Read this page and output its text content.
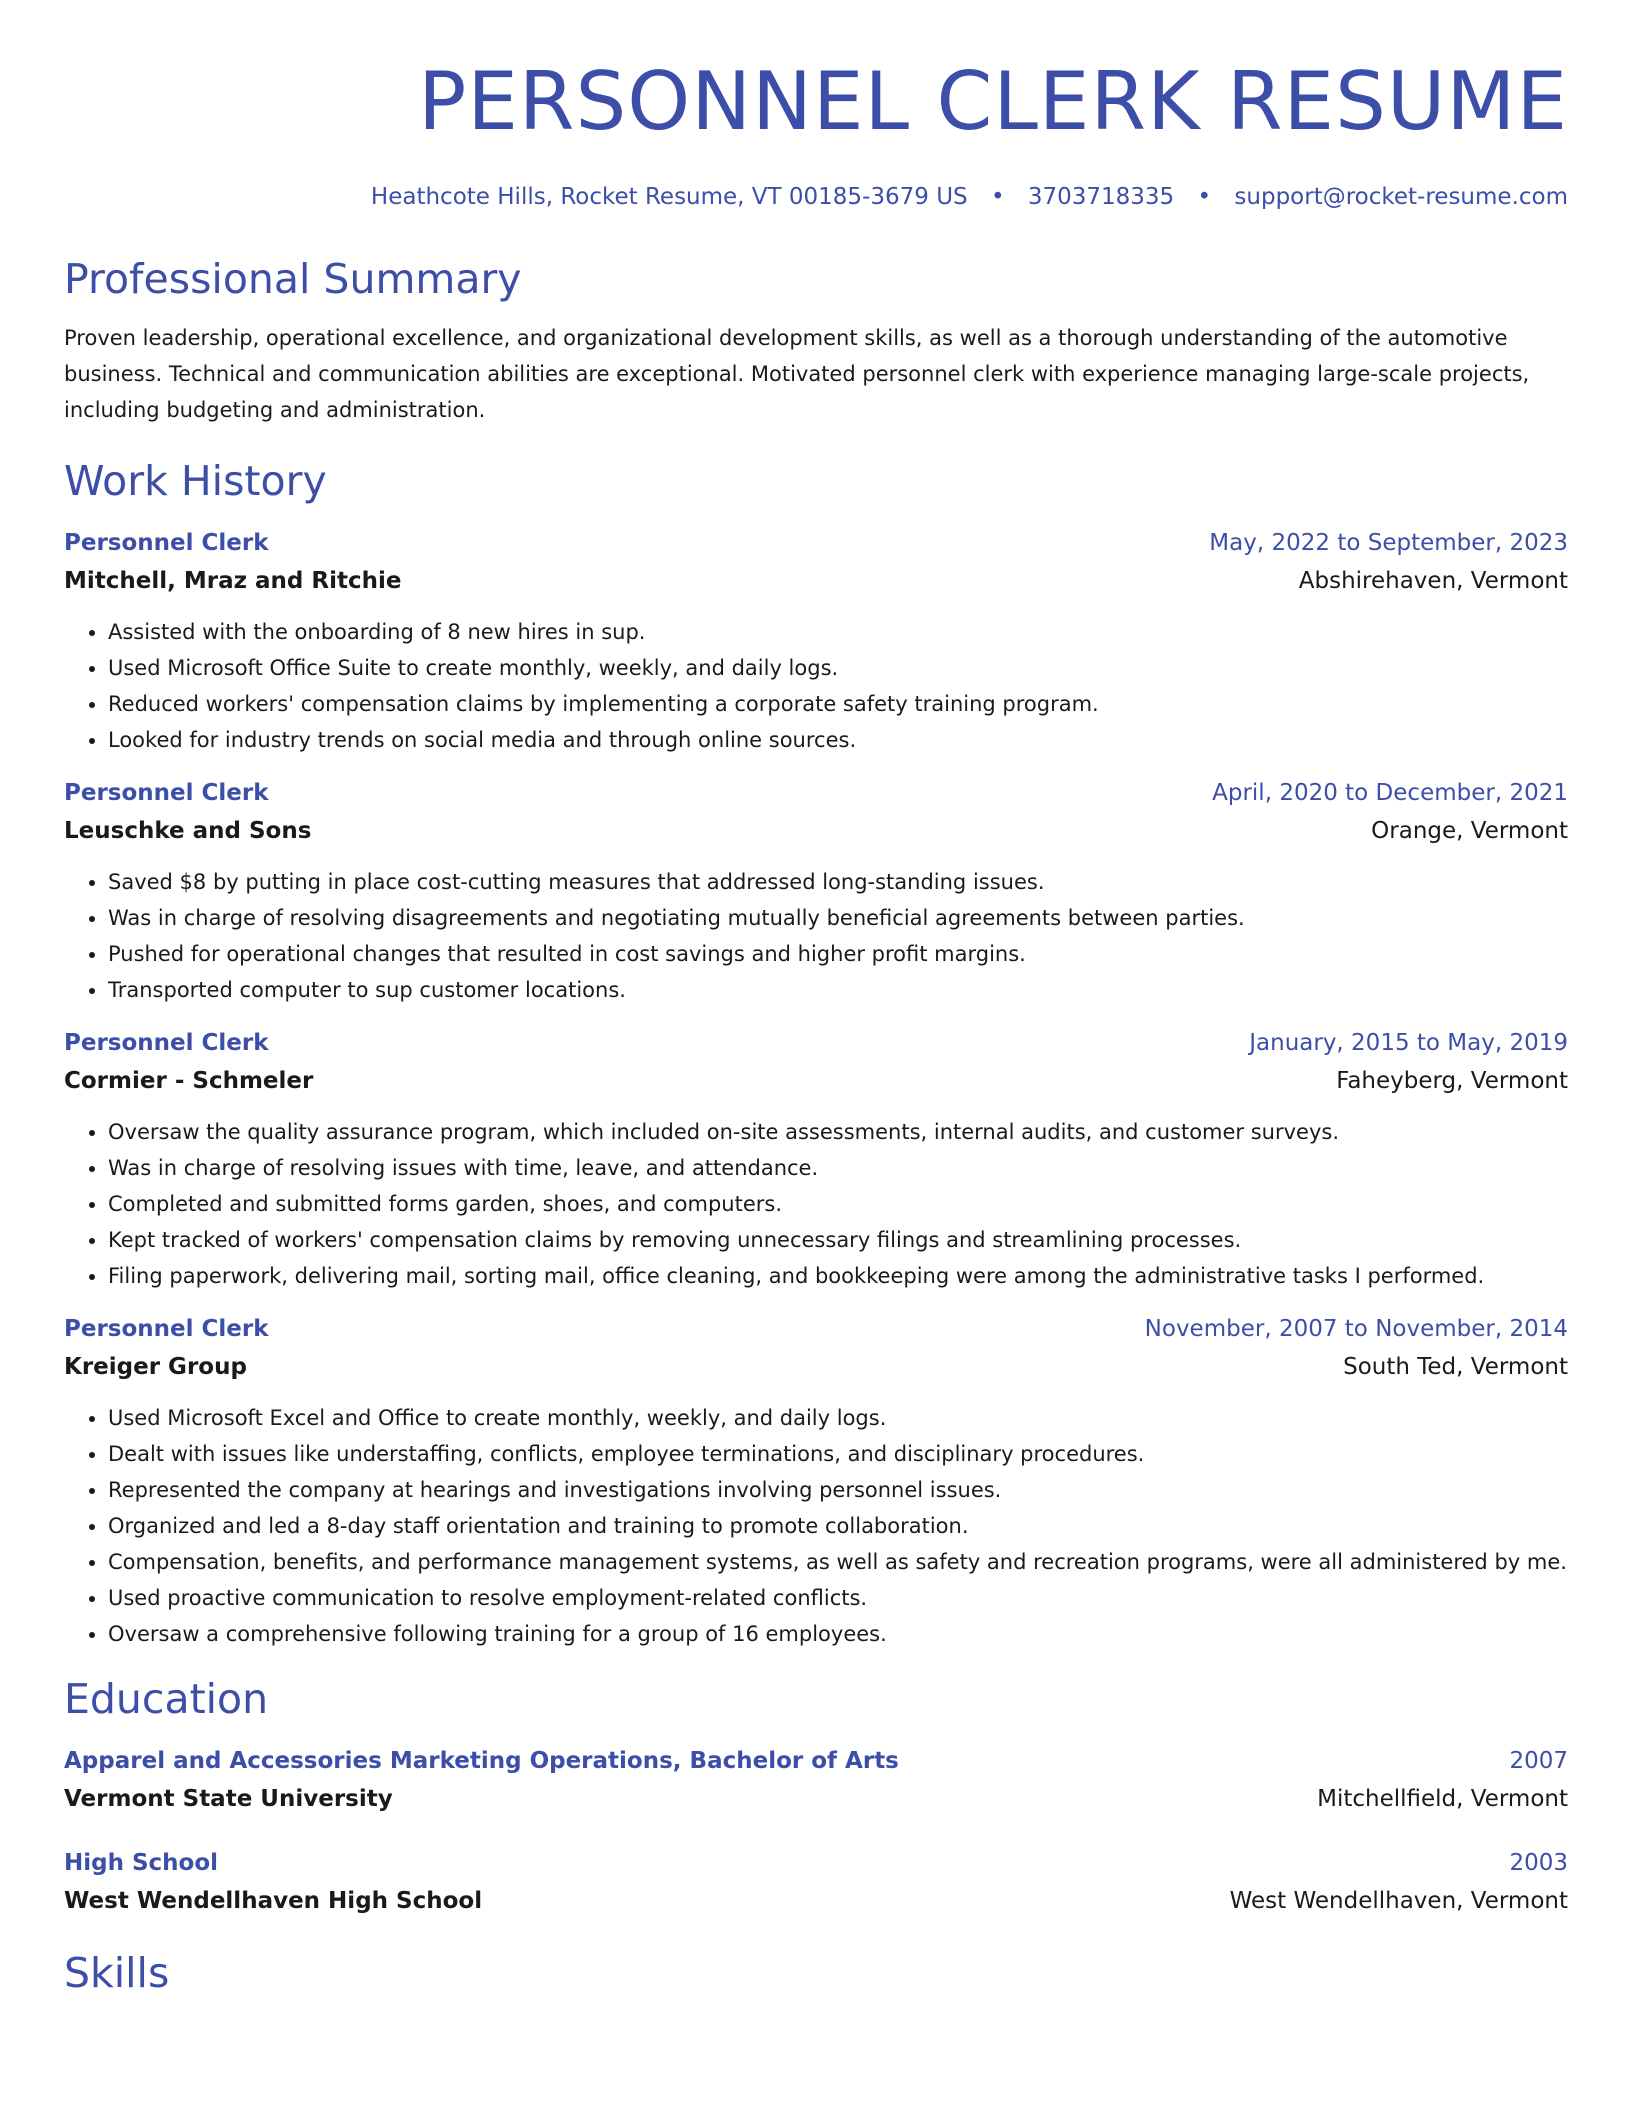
PERSONNEL CLERK RESUME
Heathcote Hills, Rocket Resume, VT 00185-3679 US • 3703718335 • support@rocket-resume.com
Professional Summary
Proven leadership, operational excellence, and organizational development skills, as well as a thorough understanding of the automotive business. Technical and communication abilities are exceptional. Motivated personnel clerk with experience managing large-scale projects, including budgeting and administration.
Work History
Personnel Clerk	May, 2022 to September, 2023
Mitchell, Mraz and Ritchie	Abshirehaven, Vermont
• Assisted with the onboarding of 8 new hires in sup.
• Used Microsoft Office Suite to create monthly, weekly, and daily logs.
• Reduced workers' compensation claims by implementing a corporate safety training program.
• Looked for industry trends on social media and through online sources.
Personnel Clerk	April, 2020 to December, 2021
Leuschke and Sons	Orange, Vermont
• Saved $8 by putting in place cost-cutting measures that addressed long-standing issues.
• Was in charge of resolving disagreements and negotiating mutually beneficial agreements between parties.
• Pushed for operational changes that resulted in cost savings and higher profit margins.
• Transported computer to sup customer locations.
Personnel Clerk	January, 2015 to May, 2019
Cormier - Schmeler	Faheyberg, Vermont
• Oversaw the quality assurance program, which included on-site assessments, internal audits, and customer surveys.
• Was in charge of resolving issues with time, leave, and attendance.
• Completed and submitted forms garden, shoes, and computers.
• Kept tracked of workers' compensation claims by removing unnecessary filings and streamlining processes.
• Filing paperwork, delivering mail, sorting mail, office cleaning, and bookkeeping were among the administrative tasks I performed.
Personnel Clerk	November, 2007 to November, 2014
Kreiger Group	South Ted, Vermont
• Used Microsoft Excel and Office to create monthly, weekly, and daily logs.
• Dealt with issues like understaffing, conflicts, employee terminations, and disciplinary procedures.
• Represented the company at hearings and investigations involving personnel issues.
• Organized and led a 8-day staff orientation and training to promote collaboration.
• Compensation, benefits, and performance management systems, as well as safety and recreation programs, were all administered by me.
• Used proactive communication to resolve employment-related conflicts.
• Oversaw a comprehensive following training for a group of 16 employees.
Education
Apparel and Accessories Marketing Operations, Bachelor of Arts	2007
Vermont State University	Mitchellfield, Vermont
High School	2003
West Wendellhaven High School	West Wendellhaven, Vermont
Skills
